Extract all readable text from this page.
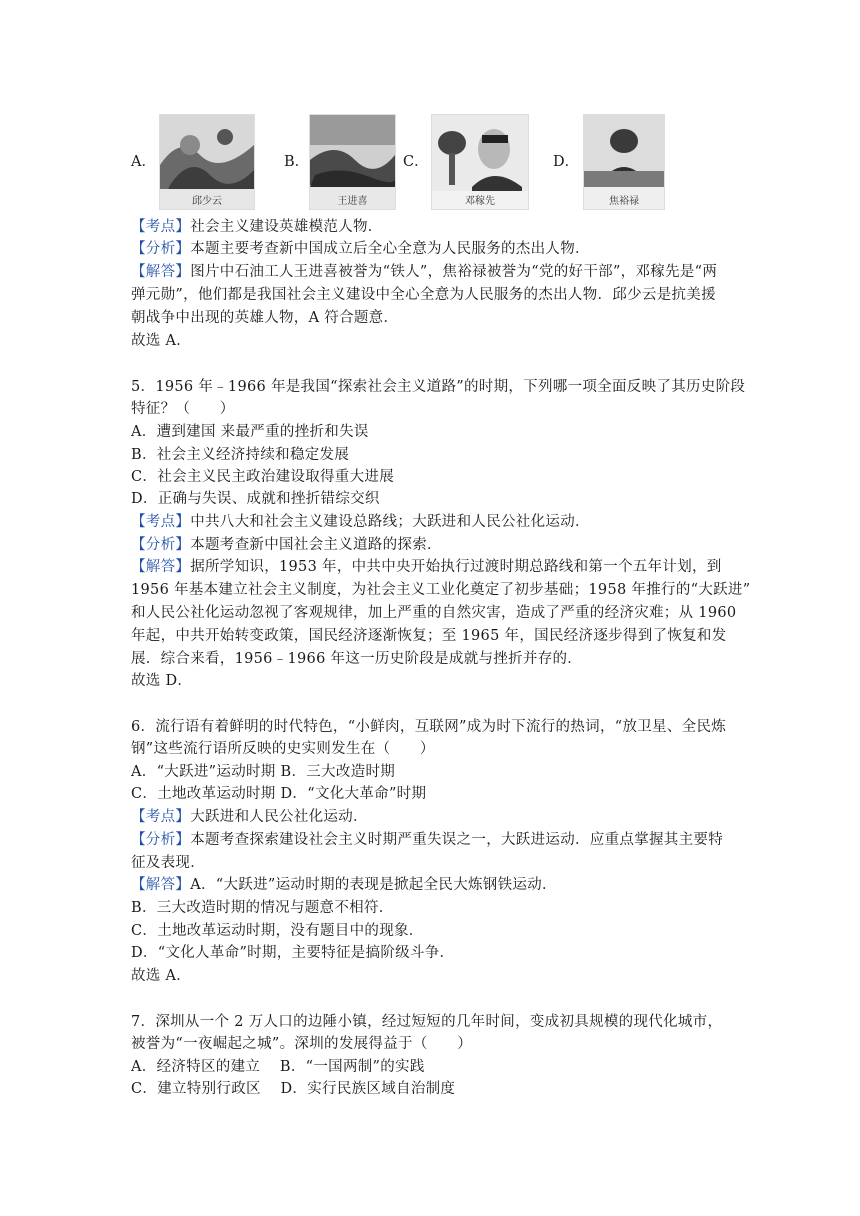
A．
邱少云
B．
王进喜
C．
邓稼先
D．
焦裕禄
【考点】社会主义建设英雄模范人物．
【分析】本题主要考查新中国成立后全心全意为人民服务的杰出人物．
【解答】图片中石油工人王进喜被誉为“铁人”，焦裕禄被誉为“党的好干部”，邓稼先是“两
弹元勋”，他们都是我国社会主义建设中全心全意为人民服务的杰出人物．邱少云是抗美援
朝战争中出现的英雄人物，A 符合题意．
故选 A．
5．1956 年﹣1966 年是我国“探索社会主义道路”的时期，下列哪一项全面反映了其历史阶段
特征？（　　）
A．遭到建国 来最严重的挫折和失误
B．社会主义经济持续和稳定发展
C．社会主义民主政治建设取得重大进展
D．正确与失误、成就和挫折错综交织
【考点】中共八大和社会主义建设总路线；大跃进和人民公社化运动．
【分析】本题考查新中国社会主义道路的探索．
【解答】据所学知识，1953 年，中共中央开始执行过渡时期总路线和第一个五年计划，到
1956 年基本建立社会主义制度，为社会主义工业化奠定了初步基础；1958 年推行的“大跃进”
和人民公社化运动忽视了客观规律，加上严重的自然灾害，造成了严重的经济灾难；从 1960
年起，中共开始转变政策，国民经济逐渐恢复；至 1965 年，国民经济逐步得到了恢复和发
展．综合来看，1956﹣1966 年这一历史阶段是成就与挫折并存的．
故选 D．
6．流行语有着鲜明的时代特色，“小鲜肉，互联网”成为时下流行的热词，“放卫星、全民炼
钢”这些流行语所反映的史实则发生在（　　）
A．“大跃进”运动时期 B．三大改造时期
C．土地改革运动时期 D．“文化大革命”时期
【考点】大跃进和人民公社化运动．
【分析】本题考查探索建设社会主义时期严重失误之一，大跃进运动．应重点掌握其主要特
征及表现．
【解答】A．“大跃进”运动时期的表现是掀起全民大炼钢铁运动．
B．三大改造时期的情况与题意不相符．
C．土地改革运动时期，没有题目中的现象．
D．“文化人革命”时期，主要特征是搞阶级斗争．
故选 A．
7．深圳从一个 2 万人口的边陲小镇，经过短短的几年时间，变成初具规模的现代化城市，
被誉为“一夜崛起之城”。深圳的发展得益于（　　）
A．经济特区的建立　 B．“一国两制”的实践
C．建立特别行政区　 D．实行民族区域自治制度
